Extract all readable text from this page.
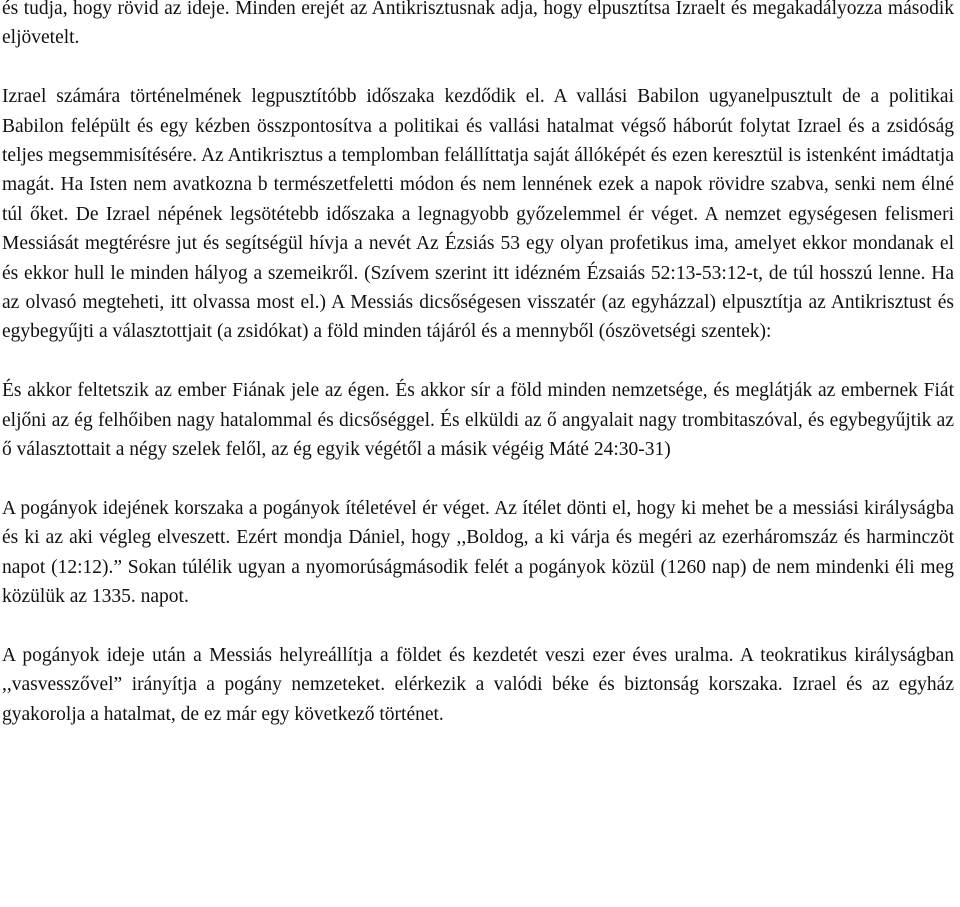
és tudja, hogy rövid az ideje. Minden erejét az Antikrisztusnak adja, hogy elpusztítsa Izraelt és megakadályozza második eljövetelt.

Izrael számára történelmének legpusztítóbb időszaka kezdődik el. A vallási Babilon ugyanelpusztult de a politikai Babilon felépült és egy kézben összpontosítva a politikai és vallási hatalmat végső háborút folytat Izrael és a zsidóság teljes megsemmisítésére. Az Antikrisztus a templomban felállíttatja saját állóképét és ezen keresztül is istenként imádtatja magát. Ha Isten nem avatkozna b természetfeletti módon és nem lennének ezek a napok rövidre szabva, senki nem élné túl őket. De Izrael népének legsötétebb időszaka a legnagyobb győzelemmel ér véget. A nemzet egységesen felismeri Messiását megtérésre jut és segítségül hívja a nevét Az Ézsiás 53 egy olyan profetikus ima, amelyet ekkor mondanak el és ekkor hull le minden hályog a szemeikről. (Szívem szerint itt idézném Ézsaiás 52:13-53:12-t, de túl hosszú lenne. Ha az olvasó megteheti, itt olvassa most el.) A Messiás dicsőségesen visszatér (az egyházzal) elpusztítja az Antikrisztust és egybegyűjti a választottjait (a zsidókat) a föld minden tájáról és a mennyből (ószövetségi szentek):

És akkor feltetszik az ember Fiának jele az égen. És akkor sír a föld minden nemzetsége, és meglátják az embernek Fiát eljőni az ég felhőiben nagy hatalommal és dicsőséggel. És elküldi az ő angyalait nagy trombitaszóval, és egybegyűjtik az ő választottait a négy szelek felől, az ég egyik végétől a másik végéig Máté 24:30-31)

A pogányok idejének korszaka a pogányok ítéletével ér véget. Az ítélet dönti el, hogy ki mehet be a messiási királyságba és ki az aki végleg elveszett. Ezért mondja Dániel, hogy ,,Boldog, a ki várja és megéri az ezerháromszáz és harminczöt napot (12:12).” Sokan túlélik ugyan a nyomorúságmásodik felét a pogányok közül (1260 nap) de nem mindenki éli meg közülük az 1335. napot.

A pogányok ideje után a Messiás helyreállítja a földet és kezdetét veszi ezer éves uralma. A teokratikus királyságban ,,vasvesszővel” irányítja a pogány nemzeteket. elérkezik a valódi béke és biztonság korszaka. Izrael és az egyház gyakorolja a hatalmat, de ez már egy következő történet.
